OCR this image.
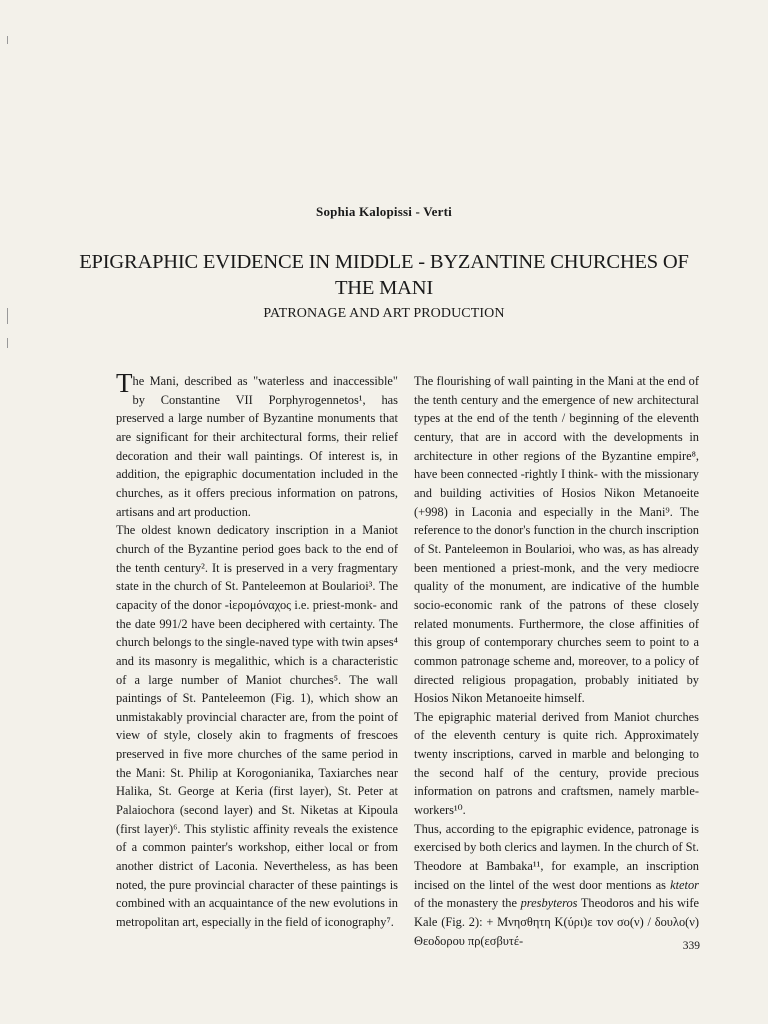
Sophia Kalopissi - Verti
EPIGRAPHIC EVIDENCE IN MIDDLE - BYZANTINE CHURCHES OF THE MANI
PATRONAGE AND ART PRODUCTION

The Mani, described as "waterless and inaccessible" by Constantine VII Porphyrogennetos¹, has preserved a large number of Byzantine monuments that are significant for their architectural forms, their relief decoration and their wall paintings. Of interest is, in addition, the epigraphic documentation included in the churches, as it offers precious information on patrons, artisans and art production.

The oldest known dedicatory inscription in a Maniot church of the Byzantine period goes back to the end of the tenth century². It is preserved in a very fragmentary state in the church of St. Panteleemon at Boularioi³. The capacity of the donor -ἱερομόναχος i.e. priest-monk- and the date 991/2 have been deciphered with certainty. The church belongs to the single-naved type with twin apses⁴ and its masonry is megalithic, which is a characteristic of a large number of Maniot churches⁵. The wall paintings of St. Panteleemon (Fig. 1), which show an unmistakably provincial character are, from the point of view of style, closely akin to fragments of frescoes preserved in five more churches of the same period in the Mani: St. Philip at Korogonianika, Taxiarches near Halika, St. George at Keria (first layer), St. Peter at Palaiochora (second layer) and St. Niketas at Kipoula (first layer)⁶. This stylistic affinity reveals the existence of a common painter's workshop, either local or from another district of Laconia. Nevertheless, as has been noted, the pure provincial character of these paintings is combined with an acquaintance of the new evolutions in metropolitan art, especially in the field of iconography⁷.

The flourishing of wall painting in the Mani at the end of the tenth century and the emergence of new architectural types at the end of the tenth / beginning of the eleventh century, that are in accord with the developments in architecture in other regions of the Byzantine empire⁸, have been connected -rightly I think- with the missionary and building activities of Hosios Nikon Metanoeite (+998) in Laconia and especially in the Mani⁹. The reference to the donor's function in the church inscription of St. Panteleemon in Boularioi, who was, as has already been mentioned a priest-monk, and the very mediocre quality of the monument, are indicative of the humble socio-economic rank of the patrons of these closely related monuments. Furthermore, the close affinities of this group of contemporary churches seem to point to a common patronage scheme and, moreover, to a policy of directed religious propagation, probably initiated by Hosios Nikon Metanoeite himself.

The epigraphic material derived from Maniot churches of the eleventh century is quite rich. Approximately twenty inscriptions, carved in marble and belonging to the second half of the century, provide precious information on patrons and craftsmen, namely marble-workers¹⁰.

Thus, according to the epigraphic evidence, patronage is exercised by both clerics and laymen. In the church of St. Theodore at Bambaka¹¹, for example, an inscription incised on the lintel of the west door mentions as ktetor of the monastery the presbyteros Theodoros and his wife Kale (Fig. 2): + Μνησθητη Κ(ύρι)ε τον σο(ν) / δουλο(ν) Θεοδορου πρ(εσβυτέ-	339
